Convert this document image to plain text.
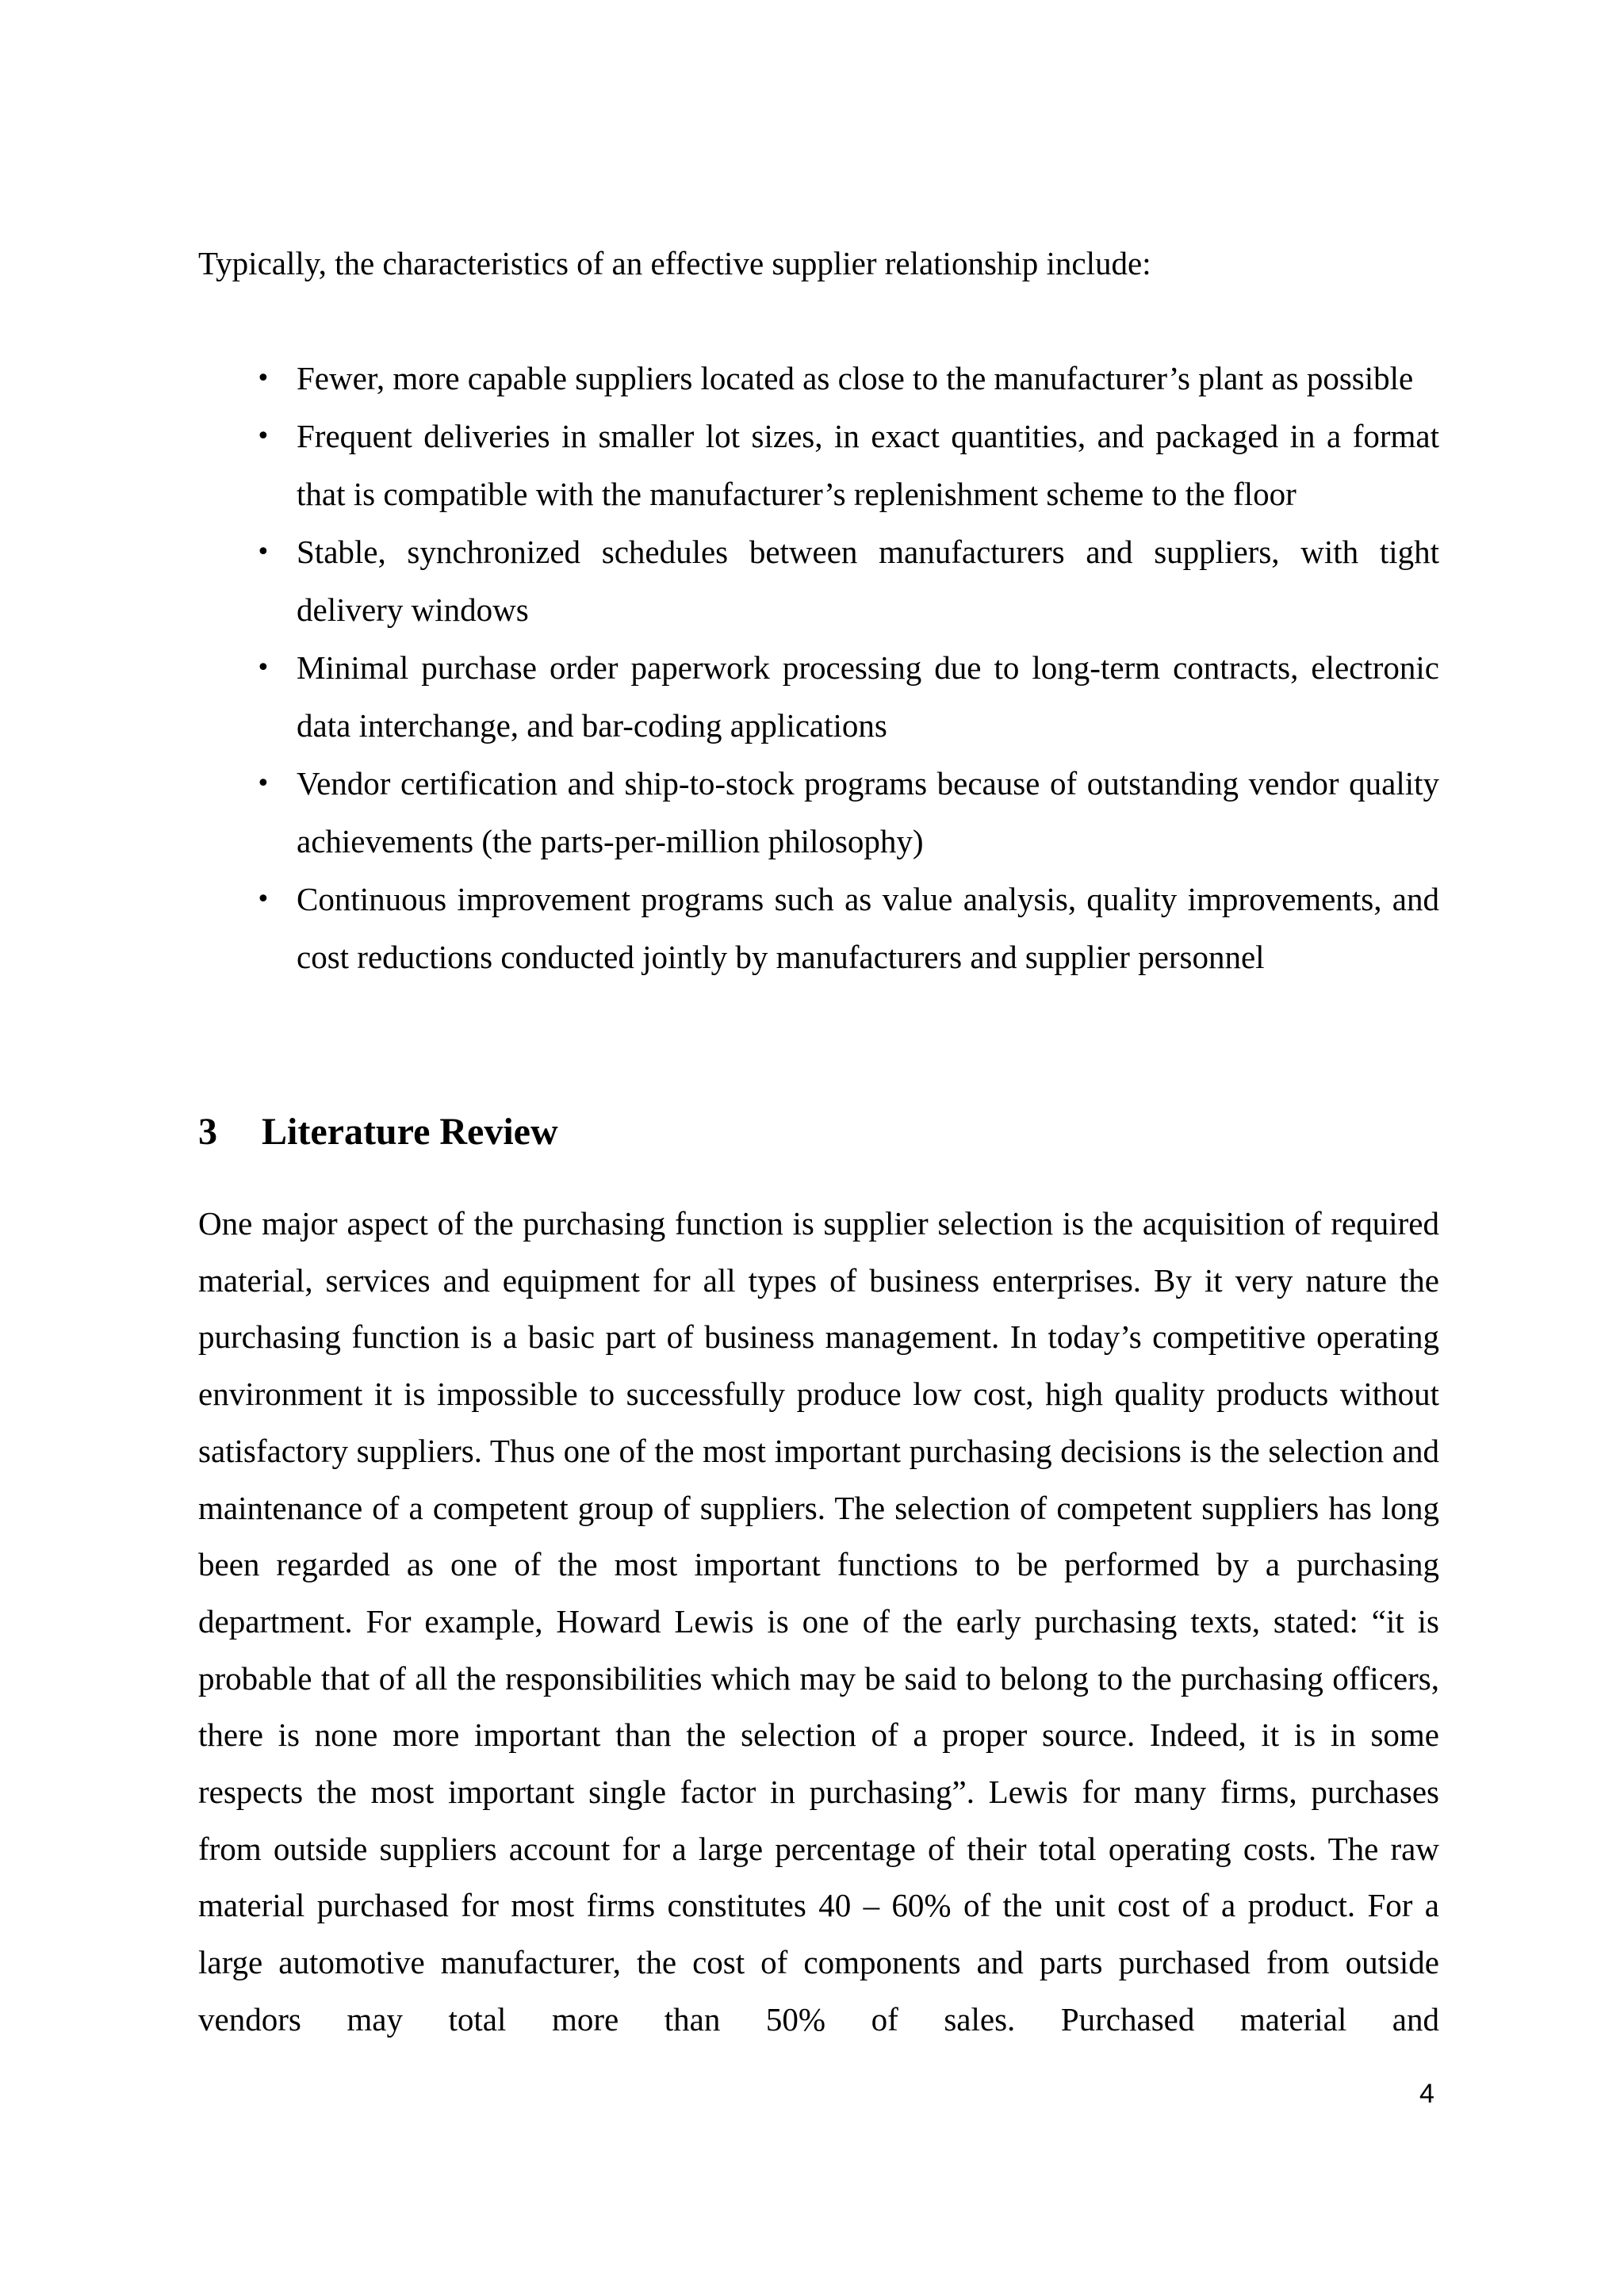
Typically, the characteristics of an effective supplier relationship include:

• Fewer, more capable suppliers located as close to the manufacturer’s plant as possible
• Frequent deliveries in smaller lot sizes, in exact quantities, and packaged in a format that is compatible with the manufacturer’s replenishment scheme to the floor
• Stable, synchronized schedules between manufacturers and suppliers, with tight delivery windows
• Minimal purchase order paperwork processing due to long-term contracts, electronic data interchange, and bar-coding applications
• Vendor certification and ship-to-stock programs because of outstanding vendor quality achievements (the parts-per-million philosophy)
• Continuous improvement programs such as value analysis, quality improvements, and cost reductions conducted jointly by manufacturers and supplier personnel
3 Literature Review

One major aspect of the purchasing function is supplier selection is the acquisition of required material, services and equipment for all types of business enterprises. By it very nature the purchasing function is a basic part of business management. In today’s competitive operating environment it is impossible to successfully produce low cost, high quality products without satisfactory suppliers. Thus one of the most important purchasing decisions is the selection and maintenance of a competent group of suppliers. The selection of competent suppliers has long been regarded as one of the most important functions to be performed by a purchasing department. For example, Howard Lewis is one of the early purchasing texts, stated: “it is probable that of all the responsibilities which may be said to belong to the purchasing officers, there is none more important than the selection of a proper source. Indeed, it is in some respects the most important single factor in purchasing”. Lewis for many firms, purchases from outside suppliers account for a large percentage of their total operating costs. The raw material purchased for most firms constitutes 40 – 60% of the unit cost of a product. For a large automotive manufacturer, the cost of components and parts purchased from outside vendors may total more than 50% of sales. Purchased material and

4
